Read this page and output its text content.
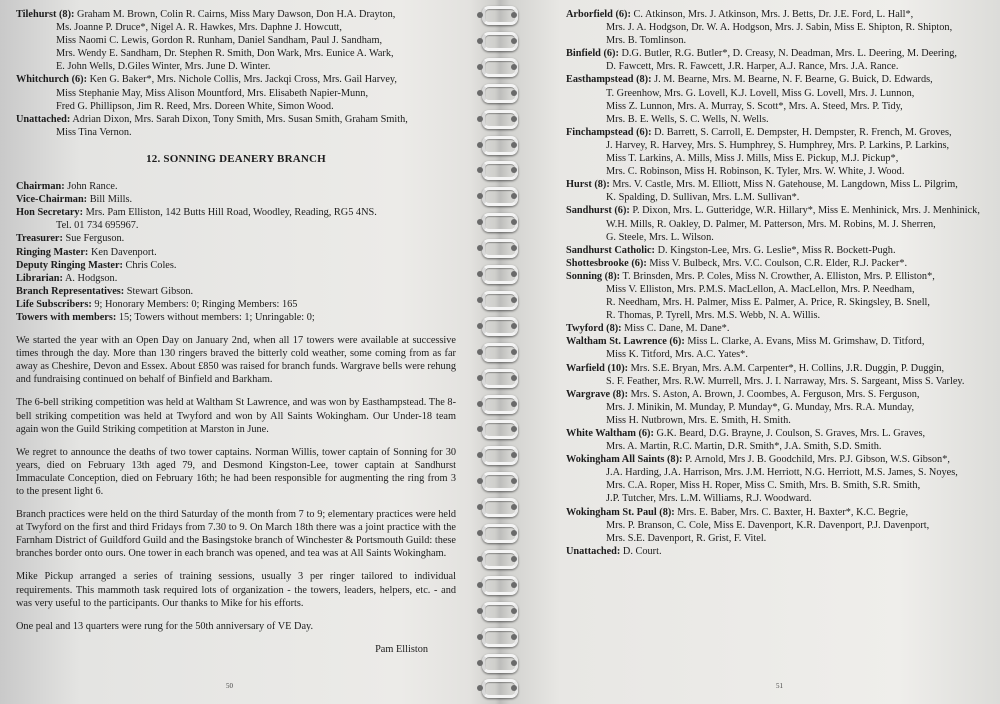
Tilehurst (8): Graham M. Brown, Colin R. Cairns, Miss Mary Dawson, Don H.A. Drayton,
Ms. Joanne P. Druce*, Nigel A. R. Hawkes, Mrs. Daphne J. Howcutt,
Miss Naomi C. Lewis, Gordon R. Runham, Daniel Sandham, Paul J. Sandham,
Mrs. Wendy E. Sandham, Dr. Stephen R. Smith, Don Wark, Mrs. Eunice A. Wark,
E. John Wells, D.Giles Winter, Mrs. June D. Winter.
Whitchurch (6): Ken G. Baker*, Mrs. Nichole Collis, Mrs. Jackqi Cross, Mrs. Gail Harvey,
Miss Stephanie May, Miss Alison Mountford, Mrs. Elisabeth Napier-Munn,
Fred G. Phillipson, Jim R. Reed, Mrs. Doreen White, Simon Wood.
Unattached: Adrian Dixon, Mrs. Sarah Dixon, Tony Smith, Mrs. Susan Smith, Graham Smith,
Miss Tina Vernon.
12. SONNING DEANERY BRANCH
Chairman: John Rance.
Vice-Chairman: Bill Mills.
Hon Secretary: Mrs. Pam Elliston, 142 Butts Hill Road, Woodley, Reading, RG5 4NS.
Tel. 01 734 695967.
Treasurer: Sue Ferguson.
Ringing Master: Ken Davenport.
Deputy Ringing Master: Chris Coles.
Librarian: A. Hodgson.
Branch Representatives: Stewart Gibson.
Life Subscribers: 9; Honorary Members: 0; Ringing Members: 165
Towers with members: 15; Towers without members: 1; Unringable: 0;

We started the year with an Open Day on January 2nd, when all 17 towers were available at successive times through the day. More than 130 ringers braved the bitterly cold weather, some coming from as far away as Cheshire, Devon and Essex. About £850 was raised for branch funds. Wargrave bells were rehung and fundraising continued on behalf of Binfield and Barkham.

The 6-bell striking competition was held at Waltham St Lawrence, and was won by Easthampstead. The 8-bell striking competition was held at Twyford and won by All Saints Wokingham. Our Under-18 team again won the Guild Striking competition at Marston in June.

We regret to announce the deaths of two tower captains. Norman Willis, tower captain of Sonning for 30 years, died on February 13th aged 79, and Desmond Kingston-Lee, tower captain at Sandhurst Immaculate Conception, died on February 16th; he had been responsible for augmenting the ring from 3 to the present light 6.

Branch practices were held on the third Saturday of the month from 7 to 9; elementary practices were held at Twyford on the first and third Fridays from 7.30 to 9. On March 18th there was a joint practice with the Farnham District of Guildford Guild and the Basingstoke branch of Winchester & Portsmouth Guild: these branches border onto ours. One tower in each branch was opened, and tea was at All Saints Wokingham.

Mike Pickup arranged a series of training sessions, usually 3 per ringer tailored to individual requirements. This mammoth task required lots of organization - the towers, leaders, helpers, etc. - and was very useful to the participants. Our thanks to Mike for his efforts.

One peal and 13 quarters were rung for the 50th anniversary of VE Day.

Pam Elliston
50
Arborfield (6): C. Atkinson, Mrs. J. Atkinson, Mrs. J. Betts, Dr. J.E. Ford, L. Hall*,
Mrs. J. A. Hodgson, Dr. W. A. Hodgson, Mrs. J. Sabin, Miss E. Shipton, R. Shipton,
Mrs. B. Tomlinson.
Binfield (6): D.G. Butler, R.G. Butler*, D. Creasy, N. Deadman, Mrs. L. Deering, M. Deering,
D. Fawcett, Mrs. R. Fawcett, J.R. Harper, A.J. Rance, Mrs. J.A. Rance.
Easthampstead (8): J. M. Bearne, Mrs. M. Bearne, N. F. Bearne, G. Buick, D. Edwards,
T. Greenhow, Mrs. G. Lovell, K.J. Lovell, Miss G. Lovell, Mrs. J. Lunnon,
Miss Z. Lunnon, Mrs. A. Murray, S. Scott*, Mrs. A. Steed, Mrs. P. Tidy,
Mrs. B. E. Wells, S. C. Wells, N. Wells.
Finchampstead (6): D. Barrett, S. Carroll, E. Dempster, H. Dempster, R. French, M. Groves,
J. Harvey, R. Harvey, Mrs. S. Humphrey, S. Humphrey, Mrs. P. Larkins, P. Larkins,
Miss T. Larkins, A. Mills, Miss J. Mills, Miss E. Pickup, M.J. Pickup*,
Mrs. C. Robinson, Miss H. Robinson, K. Tyler, Mrs. W. White, J. Wood.
Hurst (8): Mrs. V. Castle, Mrs. M. Elliott, Miss N. Gatehouse, M. Langdown, Miss L. Pilgrim,
K. Spalding, D. Sullivan, Mrs. L.M. Sullivan*.
Sandhurst (6): P. Dixon, Mrs. L. Gutteridge, W.R. Hillary*, Miss E. Menhinick, Mrs. J. Menhinick,
W.H. Mills, R. Oakley, D. Palmer, M. Patterson, Mrs. M. Robins, M. J. Sherren,
G. Steele, Mrs. L. Wilson.
Sandhurst Catholic: D. Kingston-Lee, Mrs. G. Leslie*, Miss R. Bockett-Pugh.
Shottesbrooke (6): Miss V. Bulbeck, Mrs. V.C. Coulson, C.R. Elder, R.J. Packer*.
Sonning (8): T. Brinsden, Mrs. P. Coles, Miss N. Crowther, A. Elliston, Mrs. P. Elliston*,
Miss V. Elliston, Mrs. P.M.S. MacLellon, A. MacLellon, Mrs. P. Needham,
R. Needham, Mrs. H. Palmer, Miss E. Palmer, A. Price, R. Skingsley, B. Snell,
R. Thomas, P. Tyrell, Mrs. M.S. Webb, N. A. Willis.
Twyford (8): Miss C. Dane, M. Dane*.
Waltham St. Lawrence (6): Miss L. Clarke, A. Evans, Miss M. Grimshaw, D. Titford,
Miss K. Titford, Mrs. A.C. Yates*.
Warfield (10): Mrs. S.E. Bryan, Mrs. A.M. Carpenter*, H. Collins, J.R. Duggin, P. Duggin,
S. F. Feather, Mrs. R.W. Murrell, Mrs. J. I. Narraway, Mrs. S. Sargeant, Miss S. Varley.
Wargrave (8): Mrs. S. Aston, A. Brown, J. Coombes, A. Ferguson, Mrs. S. Ferguson,
Mrs. J. Minikin, M. Munday, P. Munday*, G. Munday, Mrs. R.A. Munday,
Miss H. Nutbrown, Mrs. E. Smith, H. Smith.
White Waltham (6): G.K. Beard, D.G. Brayne, J. Coulson, S. Graves, Mrs. L. Graves,
Mrs. A. Martin, R.C. Martin, D.R. Smith*, J.A. Smith, S.D. Smith.
Wokingham All Saints (8): P. Arnold, Mrs J. B. Goodchild, Mrs. P.J. Gibson, W.S. Gibson*,
J.A. Harding, J.A. Harrison, Mrs. J.M. Herriott, N.G. Herriott, M.S. James, S. Noyes,
Mrs. C.A. Roper, Miss H. Roper, Miss C. Smith, Mrs. B. Smith, S.R. Smith,
J.P. Tutcher, Mrs. L.M. Williams, R.J. Woodward.
Wokingham St. Paul (8): Mrs. E. Baber, Mrs. C. Baxter, H. Baxter*, K.C. Begrie,
Mrs. P. Branson, C. Cole, Miss E. Davenport, K.R. Davenport, P.J. Davenport,
Mrs. S.E. Davenport, R. Grist, F. Vitel.
Unattached: D. Court.
51
